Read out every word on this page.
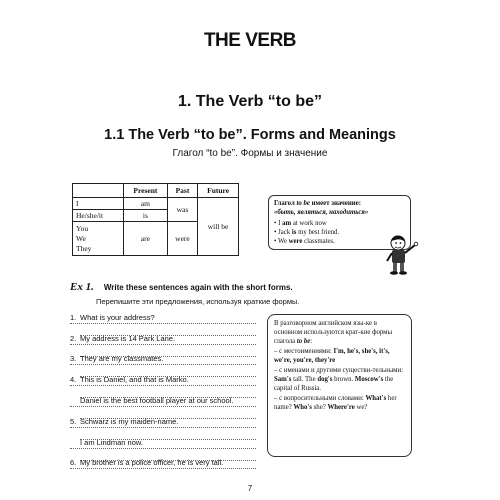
THE VERB
1. The Verb “to be”
1.1 The Verb “to be”. Forms and Meanings
Глагол “to be”. Формы и значение
	Present	Past	Future
I	am	was	will be
He/she/it	is		

You
We
They	are	were	
Глагол to be имеет значение:
«быть, являться, находиться»
• I am at work now
• Jack is my best friend.
• We were classmates.
Ex 1. Write these sentences again with the short forms.
Перепишите эти предложения, используя краткие формы.
1. What is your address?
2. My address is 14 Park Lane.
3. They are my classmates.
4. This is Daniel, and that is Marko.
Daniel is the best football player at our school.
5. Schwarz is my maiden-name.
I am Lindman now.
6. My brother is a police officer, he is very tall.
В разговорном английском язы-ке в основном используются крат-кие формы глагола to be:
– с местоимениями: I'm, he's, she's, it's, we're, you're, they're
– с именами и другими существи-тельными: Sam's tall. The dog's brown. Moscow's the capital of Russia.
– с вопросительными словами: What's her name? Who's she? Where're we?
7
